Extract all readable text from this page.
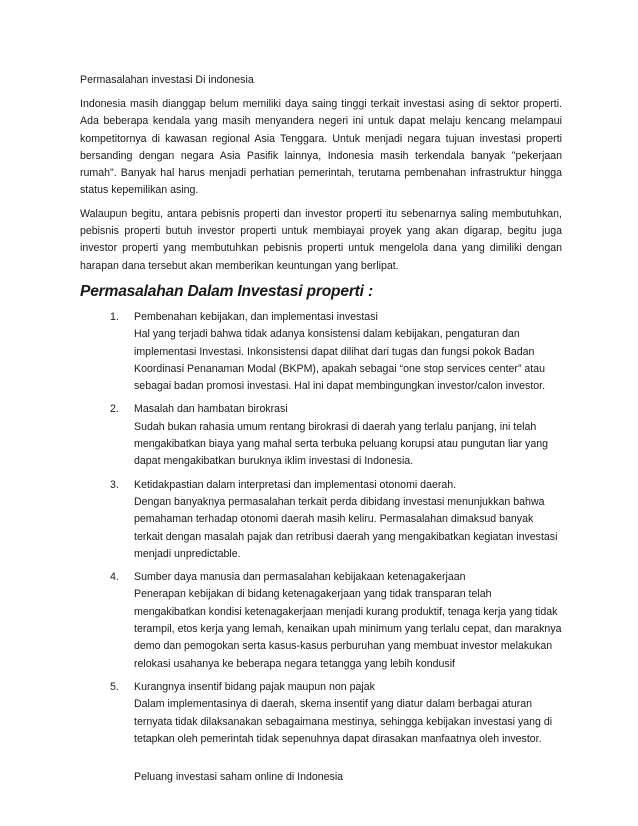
Permasalahan investasi Di indonesia

Indonesia masih dianggap belum memiliki daya saing tinggi terkait investasi asing di sektor properti. Ada beberapa kendala yang masih menyandera negeri ini untuk dapat melaju kencang melampaui kompetitornya di kawasan regional Asia Tenggara. Untuk menjadi negara tujuan investasi properti bersanding dengan negara Asia Pasifik lainnya, Indonesia masih terkendala banyak "pekerjaan rumah". Banyak hal harus menjadi perhatian pemerintah, terutama pembenahan infrastruktur hingga status kepemilikan asing.

Walaupun begitu, antara pebisnis properti dan investor properti itu sebenarnya saling membutuhkan, pebisnis properti butuh investor properti untuk membiayai proyek yang akan digarap, begitu juga investor properti yang membutuhkan pebisnis properti untuk mengelola dana yang dimiliki dengan harapan dana tersebut akan memberikan keuntungan yang berlipat.

Permasalahan Dalam Investasi properti :
1. Pembenahan kebijakan, dan implementasi investasi
Hal yang terjadi bahwa tidak adanya konsistensi dalam kebijakan, pengaturan dan implementasi Investasi. Inkonsistensi dapat dilihat dari tugas dan fungsi pokok Badan Koordinasi Penanaman Modal (BKPM), apakah sebagai “one stop services center” atau sebagai badan promosi investasi. Hal ini dapat membingungkan investor/calon investor.
2. Masalah dan hambatan birokrasi
Sudah bukan rahasia umum rentang birokrasi di daerah yang terlalu panjang, ini telah mengakibatkan biaya yang mahal serta terbuka peluang korupsi atau pungutan liar yang dapat mengakibatkan buruknya iklim investasi di Indonesia.
3. Ketidakpastian dalam interpretasi dan implementasi otonomi daerah.
Dengan banyaknya permasalahan terkait perda dibidang investasi menunjukkan bahwa pemahaman terhadap otonomi daerah masih keliru. Permasalahan dimaksud banyak terkait dengan masalah pajak dan retribusi daerah yang mengakibatkan kegiatan investasi menjadi unpredictable.
4. Sumber daya manusia dan permasalahan kebijakaan ketenagakerjaan
Penerapan kebijakan di bidang ketenagakerjaan yang tidak transparan telah mengakibatkan kondisi ketenagakerjaan menjadi kurang produktif, tenaga kerja yang tidak terampil, etos kerja yang lemah, kenaikan upah minimum yang terlalu cepat, dan maraknya demo dan pemogokan serta kasus-kasus perburuhan yang membuat investor melakukan relokasi usahanya ke beberapa negara tetangga yang lebih kondusif
5. Kurangnya insentif bidang pajak maupun non pajak
Dalam implementasinya di daerah, skema insentif yang diatur dalam berbagai aturan ternyata tidak dilaksanakan sebagaimana mestinya, sehingga kebijakan investasi yang di tetapkan oleh pemerintah tidak sepenuhnya dapat dirasakan manfaatnya oleh investor.

Peluang investasi saham online di Indonesia
